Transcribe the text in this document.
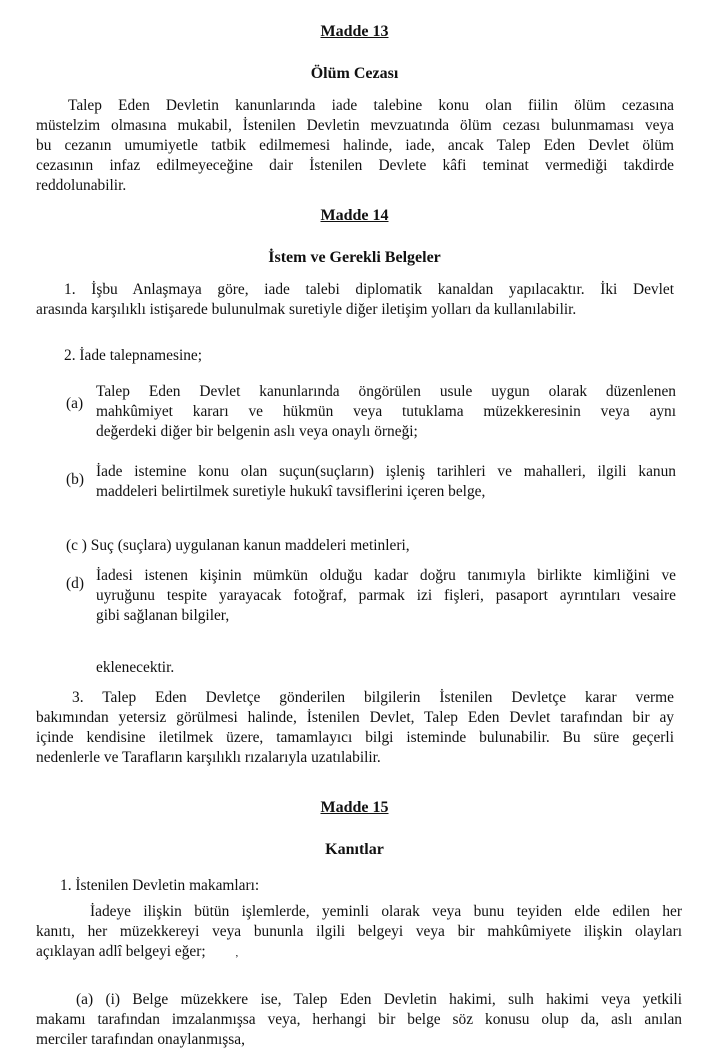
Madde 13
Ölüm Cezası
Talep Eden Devletin kanunlarında iade talebine konu olan fiilin ölüm cezasına
müstelzim olmasına mukabil, İstenilen Devletin mevzuatında ölüm cezası bulunmaması veya
bu cezanın umumiyetle tatbik edilmemesi halinde, iade, ancak Talep Eden Devlet ölüm
cezasının infaz edilmeyeceğine dair İstenilen Devlete kâfi teminat vermediği takdirde
reddolunabilir.
Madde 14
İstem ve Gerekli Belgeler
1. İşbu Anlaşmaya göre, iade talebi diplomatik kanaldan yapılacaktır. İki Devlet
arasında karşılıklı istişarede bulunulmak suretiyle diğer iletişim yolları da kullanılabilir.
2. İade talepnamesine;
(a)
Talep Eden Devlet kanunlarında öngörülen usule uygun olarak düzenlenen
mahkûmiyet kararı ve hükmün veya tutuklama müzekkeresinin veya aynı
değerdeki diğer bir belgenin aslı veya onaylı örneği;
(b) İade istemine konu olan suçun(suçların) işleniş tarihleri ve mahalleri, ilgili kanun
maddeleri belirtilmek suretiyle hukukî tavsiflerini içeren belge,
(c ) Suç (suçlara) uygulanan kanun maddeleri metinleri,
(d) İadesi istenen kişinin mümkün olduğu kadar doğru tanımıyla birlikte kimliğini ve
uyruğunu tespite yarayacak fotoğraf, parmak izi fişleri, pasaport ayrıntıları vesaire
gibi sağlanan bilgiler,
eklenecektir.
3. Talep Eden Devletçe gönderilen bilgilerin İstenilen Devletçe karar verme
bakımından yetersiz görülmesi halinde, İstenilen Devlet, Talep Eden Devlet tarafından bir ay
içinde kendisine iletilmek üzere, tamamlayıcı bilgi isteminde bulunabilir. Bu süre geçerli
nedenlerle ve Tarafların karşılıklı rızalarıyla uzatılabilir.
Madde 15
Kanıtlar
1. İstenilen Devletin makamları:
İadeye ilişkin bütün işlemlerde, yeminli olarak veya bunu teyiden elde edilen her
kanıtı, her müzekkereyi veya bununla ilgili belgeyi veya bir mahkûmiyete ilişkin olayları
açıklayan adlî belgeyi eğer;	,
(a) (i) Belge müzekkere ise, Talep Eden Devletin hakimi, sulh hakimi veya yetkili
makamı tarafından imzalanmışsa veya, herhangi bir belge söz konusu olup da, aslı anılan
merciler tarafından onaylanmışsa,
